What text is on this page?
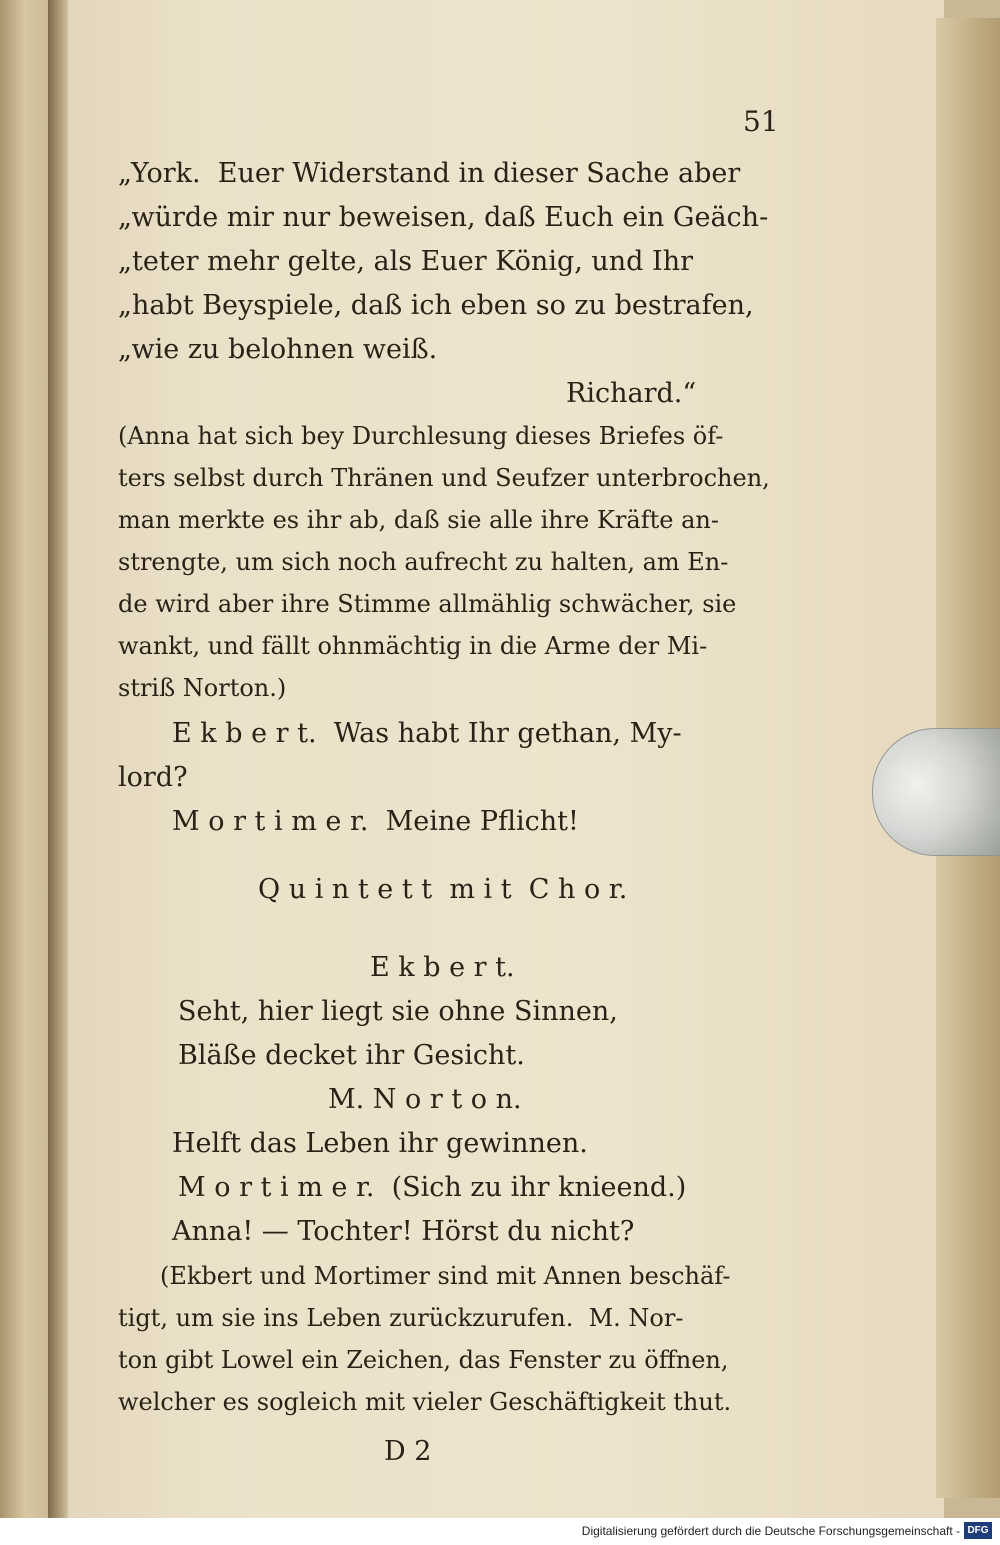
51
„York.  Euer Widerstand in dieser Sache aber
„würde mir nur beweisen, daß Euch ein Geäch-
„teter mehr gelte, als Euer König, und Ihr
„habt Beyspiele, daß ich eben so zu bestrafen,
„wie zu belohnen weiß.
Richard.“
(Anna hat sich bey Durchlesung dieses Briefes öf-
ters selbst durch Thränen und Seufzer unterbrochen,
man merkte es ihr ab, daß sie alle ihre Kräfte an-
strengte, um sich noch aufrecht zu halten, am En-
de wird aber ihre Stimme allmählig schwächer, sie
wankt, und fällt ohnmächtig in die Arme der Mi-
striß Norton.)
E k b e r t.  Was habt Ihr gethan, My-
lord?
M o r t i m e r.  Meine Pflicht!
Q u i n t e t t  m i t  C h o r.
E k b e r t.
Seht, hier liegt sie ohne Sinnen,
Bläße decket ihr Gesicht.
M. N o r t o n.
Helft das Leben ihr gewinnen.
M o r t i m e r.  (Sich zu ihr knieend.)
Anna! — Tochter! Hörst du nicht?
(Ekbert und Mortimer sind mit Annen beschäf-
tigt, um sie ins Leben zurückzurufen.  M. Nor-
ton gibt Lowel ein Zeichen, das Fenster zu öffnen,
welcher es sogleich mit vieler Geschäftigkeit thut.
D 2
Digitalisierung gefördert durch die Deutsche Forschungsgemeinschaft - DFG
